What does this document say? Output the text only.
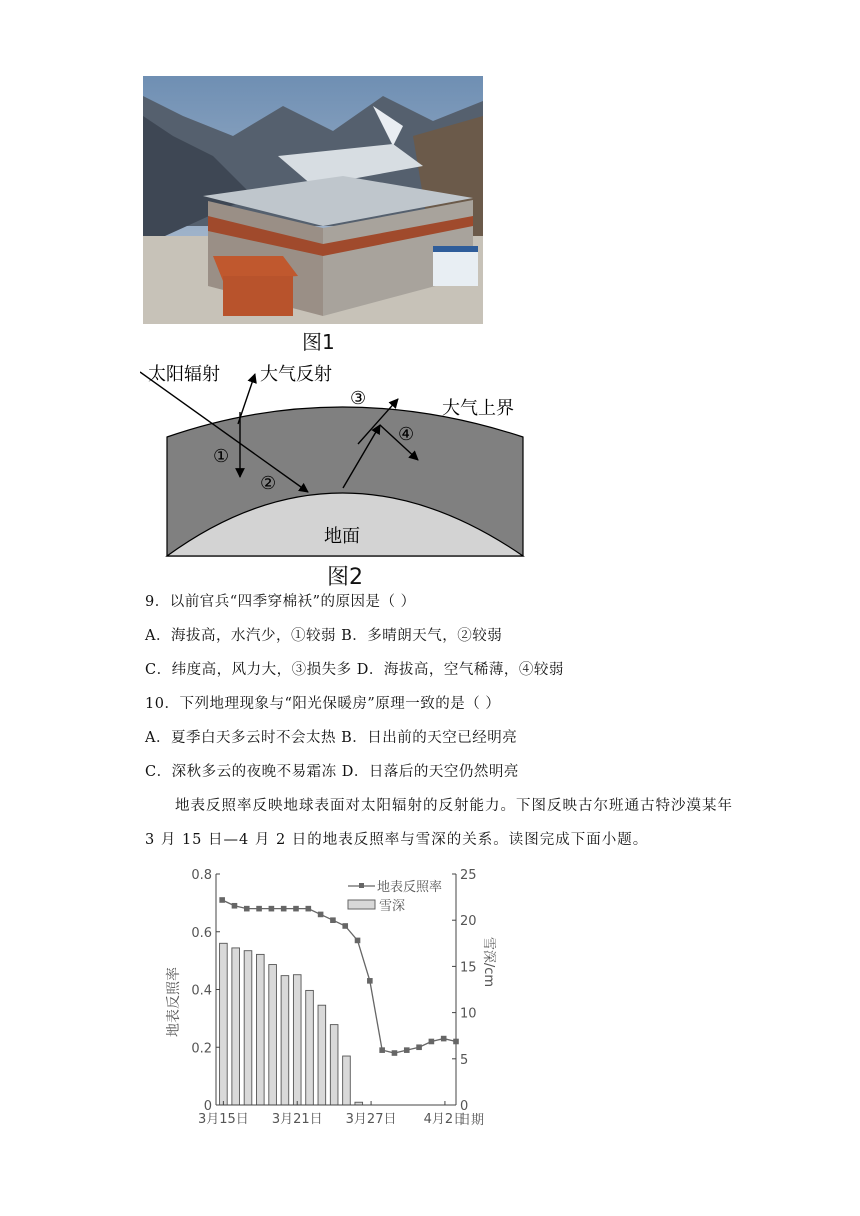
图1
太阳辐射 大气反射
大气上界
地面
①
②
③
④
图2
9．以前官兵“四季穿棉袄”的原因是（ ）
A．海拔高，水汽少，①较弱 B．多晴朗天气，②较弱
C．纬度高，风力大，③损失多 D．海拔高，空气稀薄，④较弱
10．下列地理现象与“阳光保暖房”原理一致的是（ ）
A．夏季白天多云时不会太热 B．日出前的天空已经明亮
C．深秋多云的夜晚不易霜冻 D．日落后的天空仍然明亮
地表反照率反映地球表面对太阳辐射的反射能力。下图反映古尔班通古特沙漠某年
3 月 15 日—4 月 2 日的地表反照率与雪深的关系。读图完成下面小题。
0
0.2
0.4
0.6
0.8
0
5
10
15
20
25
3月15日 3月21日 3月27日 4月2日
地表反照率
雪深
地表反照率
雪深/cm
日期
